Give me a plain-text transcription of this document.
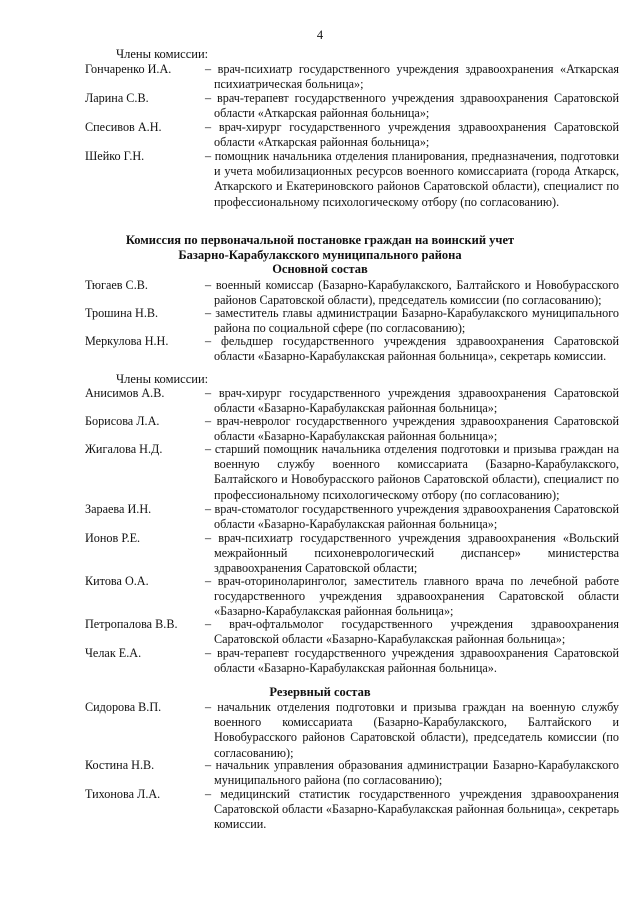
4
Члены комиссии:
Гончаренко И.А.	– врач-психиатр государственного учреждения здравоохранения «Аткарская психиатрическая больница»;
Ларина С.В.	– врач-терапевт государственного учреждения здравоохранения Саратовской области «Аткарская районная больница»;
Спесивов А.Н.	– врач-хирург государственного учреждения здравоохранения Саратовской области «Аткарская районная больница»;
Шейко Г.Н.	– помощник начальника отделения планирования, предназначения, подготовки и учета мобилизационных ресурсов военного комиссариата (города Аткарск, Аткарского и Екатериновского районов Саратовской области), специалист по профессиональному психологическому отбору (по согласованию).
Комиссия по первоначальной постановке граждан на воинский учет
Базарно-Карабулакского муниципального района
Основной состав
Тюгаев С.В.	– военный комиссар (Базарно-Карабулакского, Балтайского и Новобурасского районов Саратовской области), председатель комиссии (по согласованию);
Трошина Н.В.	– заместитель главы администрации Базарно-Карабулакского муниципального района по социальной сфере (по согласованию);
Меркулова Н.Н.	– фельдшер государственного учреждения здравоохранения Саратовской области «Базарно-Карабулакская районная больница», секретарь комиссии.
Члены комиссии:
Анисимов А.В.	– врач-хирург государственного учреждения здравоохранения Саратовской области «Базарно-Карабулакская районная больница»;
Борисова Л.А.	– врач-невролог государственного учреждения здравоохранения Саратовской области «Базарно-Карабулакская районная больница»;
Жигалова Н.Д.	– старший помощник начальника отделения подготовки и призыва граждан на военную службу военного комиссариата (Базарно-Карабулакского, Балтайского и Новобурасского районов Саратовской области), специалист по профессиональному психологическому отбору (по согласованию);
Зараева И.Н.	– врач-стоматолог государственного учреждения здравоохранения Саратовской области «Базарно-Карабулакская районная больница»;
Ионов Р.Е.	– врач-психиатр государственного учреждения здравоохранения «Вольский межрайонный психоневрологический диспансер» министерства здравоохранения Саратовской области;
Китова О.А.	– врач-оториноларинголог, заместитель главного врача по лечебной работе государственного учреждения здравоохранения Саратовской области «Базарно-Карабулакская районная больница»;
Петропалова В.В.	– врач-офтальмолог государственного учреждения здравоохранения Саратовской области «Базарно-Карабулакская районная больница»;
Челак Е.А.	– врач-терапевт государственного учреждения здравоохранения Саратовской области «Базарно-Карабулакская районная больница».
Резервный состав
Сидорова В.П.	– начальник отделения подготовки и призыва граждан на военную службу военного комиссариата (Базарно-Карабулакского, Балтайского и Новобурасского районов Саратовской области), председатель комиссии (по согласованию);
Костина Н.В.	– начальник управления образования администрации Базарно-Карабулакского муниципального района (по согласованию);
Тихонова Л.А.	– медицинский статистик государственного учреждения здравоохранения Саратовской области «Базарно-Карабулакская районная больница», секретарь комиссии.
